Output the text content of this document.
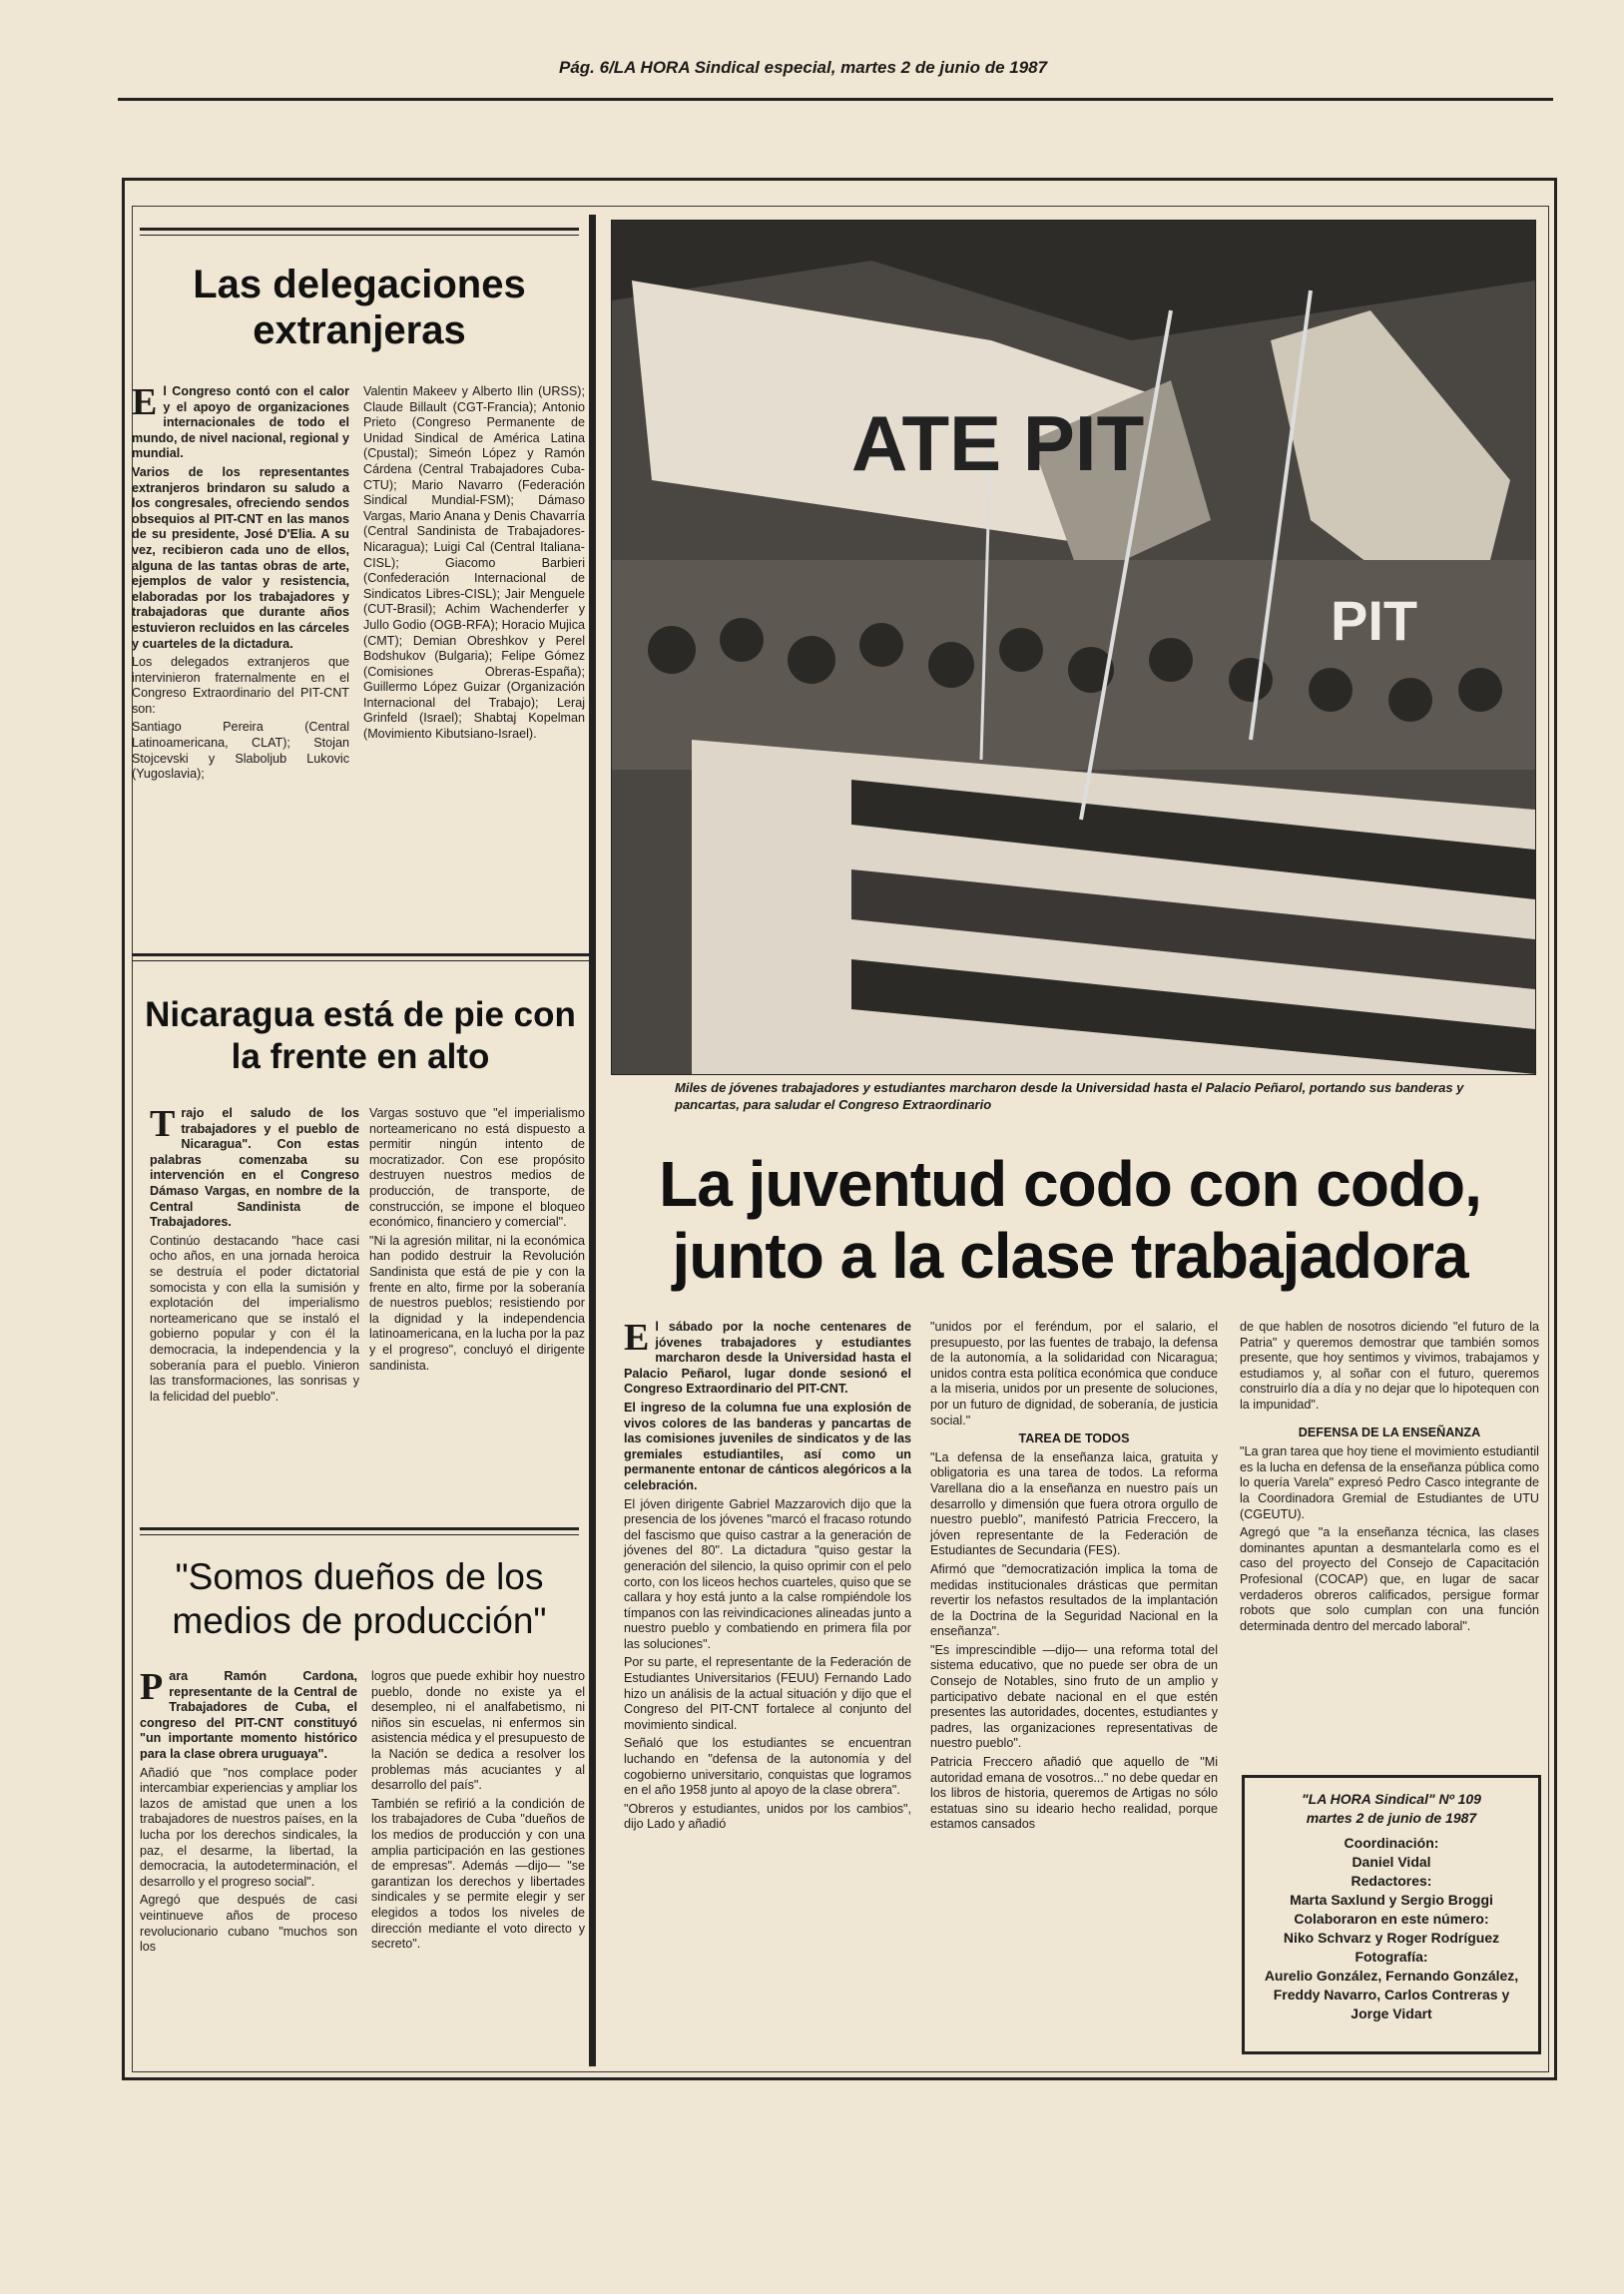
Pág. 6/LA HORA Sindical especial, martes 2 de junio de 1987
Las delegaciones extranjeras
E l Congreso contó con el calor y el apoyo de organizaciones internacionales de todo el mundo, de nivel nacional, regional y mundial.

Varios de los representantes extranjeros brindaron su saludo a los congresales, ofreciendo sendos obsequios al PIT-CNT en las manos de su presidente, José D'Elia. A su vez, recibieron cada uno de ellos, alguna de las tantas obras de arte, ejemplos de valor y resistencia, elaboradas por los trabajadores y trabajadoras que durante años estuvieron recluidos en las cárceles y cuarteles de la dictadura.

Los delegados extranjeros que intervinieron fraternalmente en el Congreso Extraordinario del PIT-CNT son:

Santiago Pereira (Central Latinoamericana, CLAT); Stojan Stojcevski y Slaboljub Lukovic (Yugoslavia);

Valentin Makeev y Alberto Ilin (URSS); Claude Billault (CGT-Francia); Antonio Prieto (Congreso Permanente de Unidad Sindical de América Latina (Cpustal); Simeón López y Ramón Cárdena (Central Trabajadores Cuba-CTU); Mario Navarro (Federación Sindical Mundial-FSM); Dámaso Vargas, Mario Anana y Denis Chavarría (Central Sandinista de Trabajadores-Nicaragua); Luigi Cal (Central Italiana-CISL); Giacomo Barbieri (Confederación Internacional de Sindicatos Libres-CISL); Jair Menguele (CUT-Brasil); Achim Wachenderfer y Jullo Godio (OGB-RFA); Horacio Mujica (CMT); Demian Obreshkov y Perel Bodshukov (Bulgaria); Felipe Gómez (Comisiones Obreras-España); Guillermo López Guizar (Organización Internacional del Trabajo); Leraj Grinfeld (Israel); Shabtaj Kopelman (Movimiento Kibutsiano-Israel).

Nicaragua está de pie con la frente en alto
T rajo el saludo de los trabajadores y el pueblo de Nicaragua". Con estas palabras comenzaba su intervención en el Congreso Dámaso Vargas, en nombre de la Central Sandinista de Trabajadores.

Continúo destacando "hace casi ocho años, en una jornada heroica se destruía el poder dictatorial somocista y con ella la sumisión y explotación del imperialismo norteamericano que se instaló el gobierno popular y con él la democracia, la independencia y la soberanía para el pueblo. Vinieron las transformaciones, las sonrisas y la felicidad del pueblo".

Vargas sostuvo que "el imperialismo norteamericano no está dispuesto a permitir ningún intento de mocratizador. Con ese propósito destruyen nuestros medios de producción, de transporte, de construcción, se impone el bloqueo económico, financiero y comercial".

"Ni la agresión militar, ni la económica han podido destruir la Revolución Sandinista que está de pie y con la frente en alto, firme por la soberanía de nuestros pueblos; resistiendo por la dignidad y la independencia latinoamericana, en la lucha por la paz y el progreso", concluyó el dirigente sandinista.

"Somos dueños de los medios de producción"
P ara Ramón Cardona, representante de la Central de Trabajadores de Cuba, el congreso del PIT-CNT constituyó "un importante momento histórico para la clase obrera uruguaya".

Añadió que "nos complace poder intercambiar experiencias y ampliar los lazos de amistad que unen a los trabajadores de nuestros países, en la lucha por los derechos sindicales, la paz, el desarme, la libertad, la democracia, la autodeterminación, el desarrollo y el progreso social".

Agregó que después de casi veintinueve años de proceso revolucionario cubano "muchos son los

logros que puede exhibir hoy nuestro pueblo, donde no existe ya el desempleo, ni el analfabetismo, ni niños sin escuelas, ni enfermos sin asistencia médica y el presupuesto de la Nación se dedica a resolver los problemas más acuciantes y al desarrollo del país".

También se refirió a la condición de los trabajadores de Cuba "dueños de los medios de producción y con una amplia participación en las gestiones de empresas". Además —dijo— "se garantizan los derechos y libertades sindicales y se permite elegir y ser elegidos a todos los niveles de dirección mediante el voto directo y secreto".

ATE PIT
PIT
Miles de jóvenes trabajadores y estudiantes marcharon desde la Universidad hasta el Palacio Peñarol, portando sus banderas y pancartas, para saludar el Congreso Extraordinario
La juventud codo con codo, junto a la clase trabajadora
E l sábado por la noche centenares de jóvenes trabajadores y estudiantes marcharon desde la Universidad hasta el Palacio Peñarol, lugar donde sesionó el Congreso Extraordinario del PIT-CNT.

El ingreso de la columna fue una explosión de vivos colores de las banderas y pancartas de las comisiones juveniles de sindicatos y de las gremiales estudiantiles, así como un permanente entonar de cánticos alegóricos a la celebración.

El jóven dirigente Gabriel Mazzarovich dijo que la presencia de los jóvenes "marcó el fracaso rotundo del fascismo que quiso castrar a la generación de jóvenes del 80". La dictadura "quiso gestar la generación del silencio, la quiso oprimir con el pelo corto, con los liceos hechos cuarteles, quiso que se callara y hoy está junto a la calse rompiéndole los tímpanos con las reivindicaciones alineadas junto a nuestro pueblo y combatiendo en primera fila por las soluciones".

Por su parte, el representante de la Federación de Estudiantes Universitarios (FEUU) Fernando Lado hizo un análisis de la actual situación y dijo que el Congreso del PIT-CNT fortalece al conjunto del movimiento sindical.

Señaló que los estudiantes se encuentran luchando en "defensa de la autonomía y del cogobierno universitario, conquistas que logramos en el año 1958 junto al apoyo de la clase obrera".

"Obreros y estudiantes, unidos por los cambios", dijo Lado y añadió

"unidos por el feréndum, por el salario, el presupuesto, por las fuentes de trabajo, la defensa de la autonomía, a la solidaridad con Nicaragua; unidos contra esta política económica que conduce a la miseria, unidos por un presente de soluciones, por un futuro de dignidad, de soberanía, de justicia social."

TAREA DE TODOS

"La defensa de la enseñanza laica, gratuita y obligatoria es una tarea de todos. La reforma Varellana dio a la enseñanza en nuestro país un desarrollo y dimensión que fuera otrora orgullo de nuestro pueblo", manifestó Patricia Freccero, la jóven representante de la Federación de Estudiantes de Secundaria (FES).

Afirmó que "democratización implica la toma de medidas institucionales drásticas que permitan revertir los nefastos resultados de la implantación de la Doctrina de la Seguridad Nacional en la enseñanza".

"Es imprescindible —dijo— una reforma total del sistema educativo, que no puede ser obra de un Consejo de Notables, sino fruto de un amplio y participativo debate nacional en el que estén presentes las autoridades, docentes, estudiantes y padres, las organizaciones representativas de nuestro pueblo".

Patricia Freccero añadió que aquello de "Mi autoridad emana de vosotros..." no debe quedar en los libros de historia, queremos de Artigas no sólo estatuas sino su ideario hecho realidad, porque estamos cansados

de que hablen de nosotros diciendo "el futuro de la Patria" y queremos demostrar que también somos presente, que hoy sentimos y vivimos, trabajamos y estudiamos y, al soñar con el futuro, queremos construirlo día a día y no dejar que lo hipotequen con la impunidad".

DEFENSA DE LA ENSEÑANZA

"La gran tarea que hoy tiene el movimiento estudiantil es la lucha en defensa de la enseñanza pública como lo quería Varela" expresó Pedro Casco integrante de la Coordinadora Gremial de Estudiantes de UTU (CGEUTU).

Agregó que "a la enseñanza técnica, las clases dominantes apuntan a desmantelarla como es el caso del proyecto del Consejo de Capacitación Profesional (COCAP) que, en lugar de sacar verdaderos obreros calificados, persigue formar robots que solo cumplan con una función determinada dentro del mercado laboral".

"LA HORA Sindical" Nº 109
martes 2 de junio de 1987
Coordinación:
Daniel Vidal
Redactores:
Marta Saxlund y Sergio Broggi
Colaboraron en este número:
Niko Schvarz y Roger Rodríguez
Fotografía:
Aurelio González, Fernando González, Freddy Navarro, Carlos Contreras y Jorge Vidart
